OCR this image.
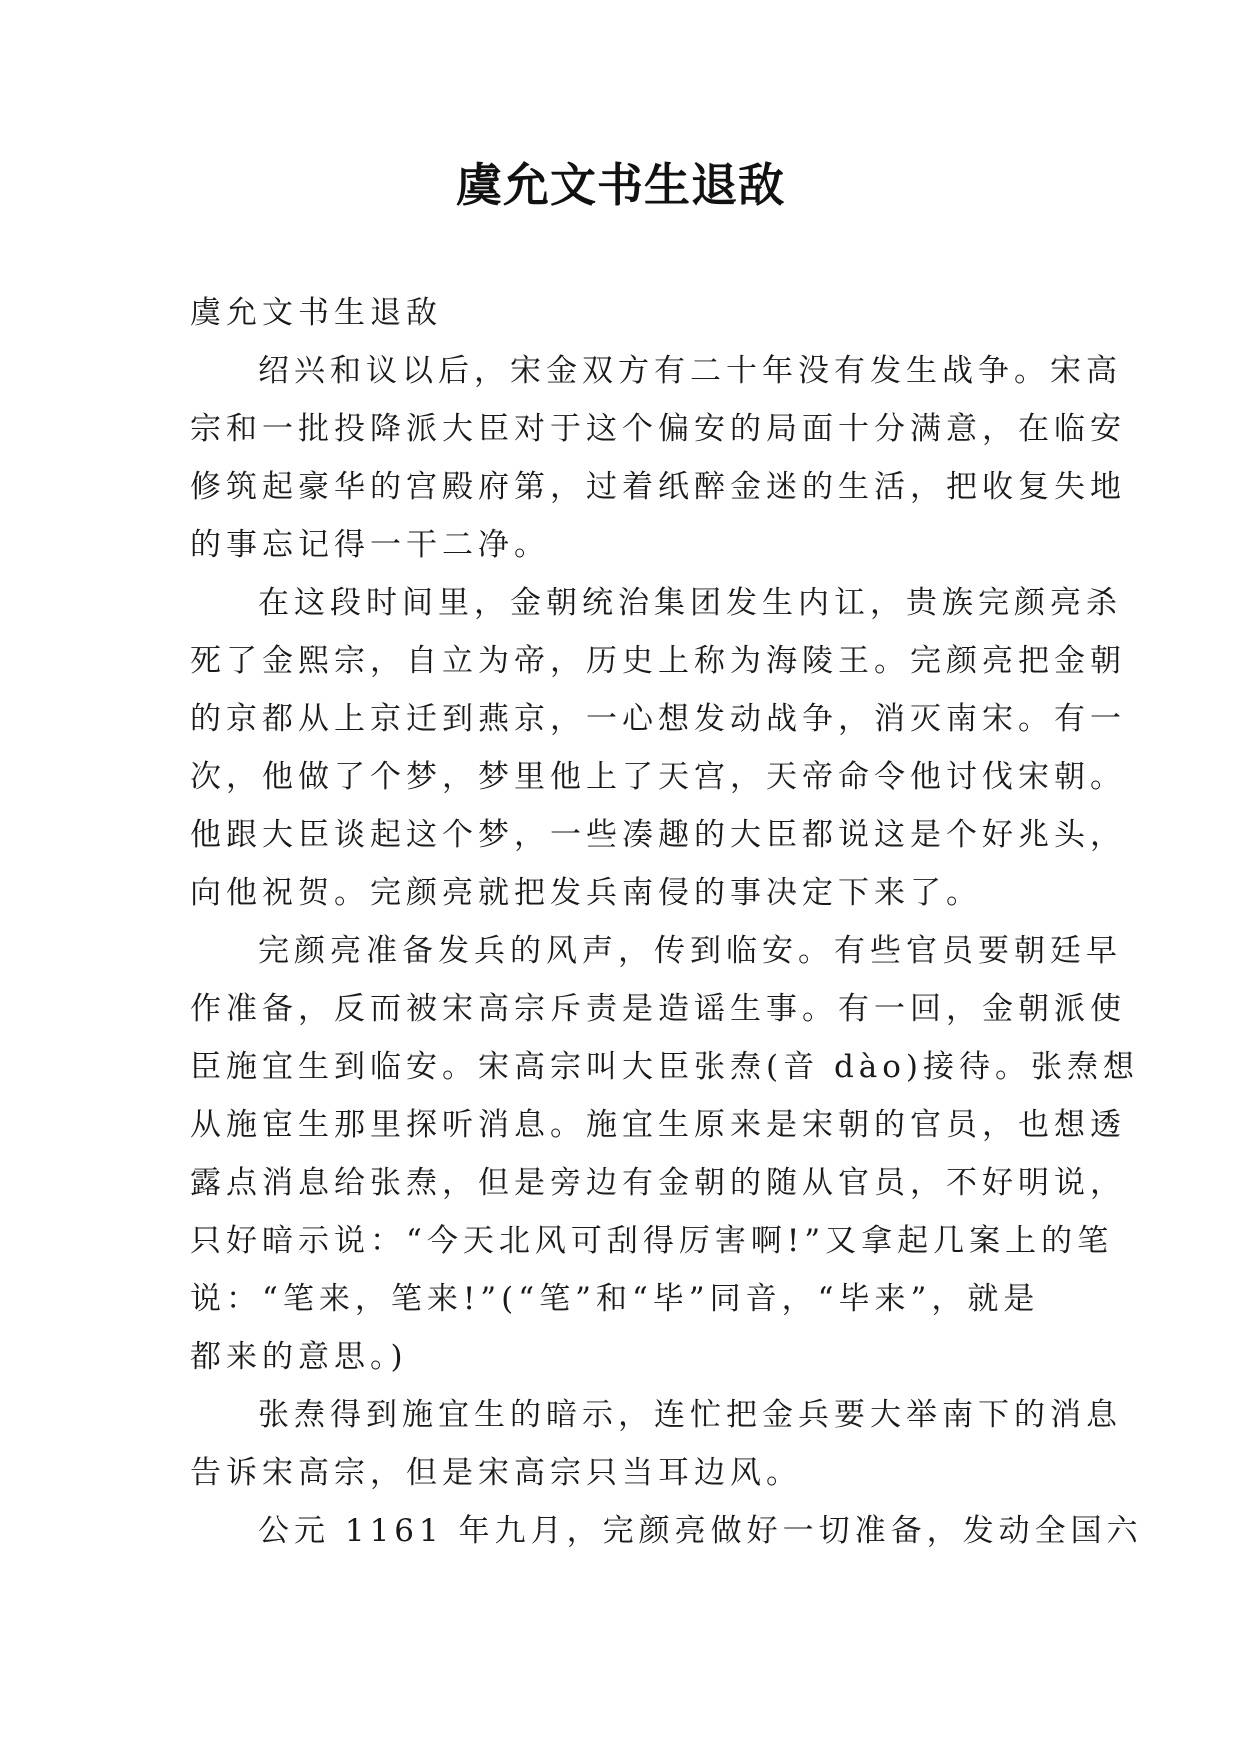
虞允文书生退敌
虞允文书生退敌
绍兴和议以后，宋金双方有二十年没有发生战争。宋高
宗和一批投降派大臣对于这个偏安的局面十分满意，在临安
修筑起豪华的宫殿府第，过着纸醉金迷的生活，把收复失地
的事忘记得一干二净。
在这段时间里，金朝统治集团发生内讧，贵族完颜亮杀
死了金熙宗，自立为帝，历史上称为海陵王。完颜亮把金朝
的京都从上京迁到燕京，一心想发动战争，消灭南宋。有一
次，他做了个梦，梦里他上了天宫，天帝命令他讨伐宋朝。
他跟大臣谈起这个梦，一些凑趣的大臣都说这是个好兆头，
向他祝贺。完颜亮就把发兵南侵的事决定下来了。
完颜亮准备发兵的风声，传到临安。有些官员要朝廷早
作准备，反而被宋高宗斥责是造谣生事。有一回，金朝派使
臣施宜生到临安。宋高宗叫大臣张焘(音 dào)接待。张焘想
从施宦生那里探听消息。施宜生原来是宋朝的官员，也想透
露点消息给张焘，但是旁边有金朝的随从官员，不好明说，
只好暗示说：“今天北风可刮得厉害啊!”又拿起几案上的笔
说：“笔来，笔来!”(“笔”和“毕”同音，“毕来”，就是
都来的意思。)
张焘得到施宜生的暗示，连忙把金兵要大举南下的消息
告诉宋高宗，但是宋高宗只当耳边风。
公元 1161 年九月，完颜亮做好一切准备，发动全国六
